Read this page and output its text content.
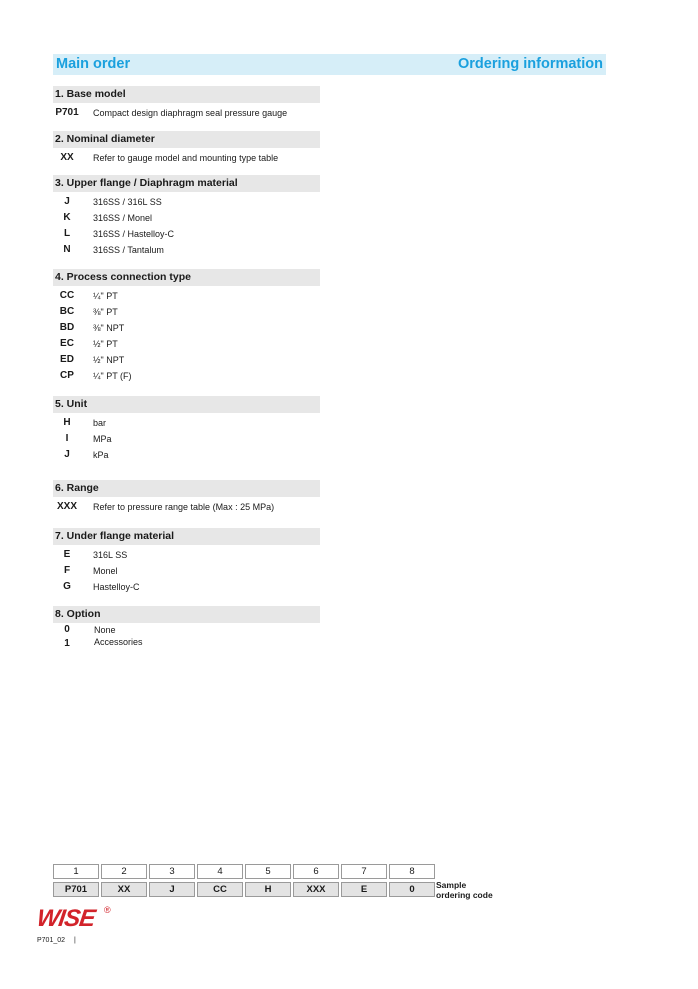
Main order	Ordering information
1. Base model
P701 Compact design diaphragm seal pressure gauge
2. Nominal diameter
XX	Refer to gauge model and mounting type table
3. Upper flange / Diaphragm material
J	316SS / 316L SS
K	316SS / Monel
L	316SS / Hastelloy-C
N	316SS / Tantalum
4. Process connection type
CC	¼" PT
BC	⅜" PT
BD	⅜" NPT
EC	½" PT
ED	½" NPT
CP	¼" PT (F)
5. Unit
H	bar
I	MPa
J	kPa
6. Range
XXX	Refer to pressure range table (Max : 25 MPa)
7. Under flange material
E	316L SS
F	Monel
G	Hastelloy-C
8. Option
0	None
1	Accessories
1	2	3	4	5	6	7	8
P701	XX	J	CC	H	XXX	E	0	Sample
ordering code
WISE ®
P701_02 |
